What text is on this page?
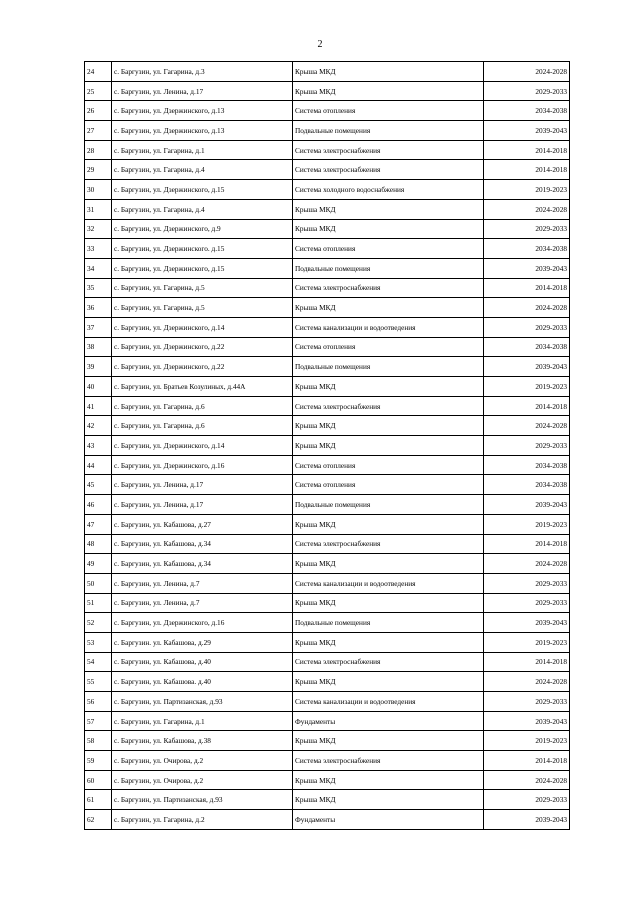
2
24	с. Баргузин, ул. Гагарина, д.3	Крыша МКД	2024-2028
25	с. Баргузин, ул. Ленина, д.17	Крыша МКД	2029-2033
26	с. Баргузин, ул. Дзержинского, д.13	Система отопления	2034-2038
27	с. Баргузин, ул. Дзержинского, д.13	Подвальные помещения	2039-2043
28	с. Баргузин, ул. Гагарина, д.1	Система электроснабжения	2014-2018
29	с. Баргузин, ул. Гагарина, д.4	Система электроснабжения	2014-2018
30	с. Баргузин, ул. Дзержинского, д.15	Система холодного водоснабжения	2019-2023
31	с. Баргузин, ул. Гагарина, д.4	Крыша МКД	2024-2028
32	с. Баргузин, ул. Дзержинского, д.9	Крыша МКД	2029-2033
33	с. Баргузин, ул. Дзержинского. д.15	Система отопления	2034-2038
34	с. Баргузин, ул. Дзержинского, д.15	Подвальные помещения	2039-2043
35	с. Баргузин, ул. Гагарина, д.5	Система электроснабжения	2014-2018
36	с. Баргузин, ул. Гагарина, д.5	Крыша МКД	2024-2028
37	с. Баргузин, ул. Дзержинского, д.14	Система канализации и водоотведения	2029-2033
38	с. Баргузин, ул. Дзержинского, д.22	Система отопления	2034-2038
39	с. Баргузин, ул. Дзержинского, д.22	Подвальные помещения	2039-2043
40	с. Баргузин, ул. Братьев Козулиных, д.44А	Крыша МКД	2019-2023
41	с. Баргузин, ул. Гагарина, д.6	Система электроснабжения	2014-2018
42	с. Баргузин, ул. Гагарина, д.6	Крыша МКД	2024-2028
43	с. Баргузин, ул. Дзержинского, д.14	Крыша МКД	2029-2033
44	с. Баргузин, ул. Дзержинского, д.16	Система отопления	2034-2038
45	с. Баргузин, ул. Ленина, д.17	Система отопления	2034-2038
46	с. Баргузин, ул. Ленина, д.17	Подвальные помещения	2039-2043
47	с. Баргузин, ул. Кабашова, д.27	Крыша МКД	2019-2023
48	с. Баргузин, ул. Кабашова, д.34	Система электроснабжения	2014-2018
49	с. Баргузин, ул. Кабашова, д.34	Крыша МКД	2024-2028
50	с. Баргузин, ул. Ленина, д.7	Система канализации и водоотведения	2029-2033
51	с. Баргузин, ул. Ленина, д.7	Крыша МКД	2029-2033
52	с. Баргузин, ул. Дзержинского, д.16	Подвальные помещения	2039-2043
53	с. Баргузин. ул. Кабашова, д.29	Крыша МКД	2019-2023
54	с. Баргузин, ул. Кабашова, д.40	Система электроснабжения	2014-2018
55	с. Баргузин, ул. Кабашова. д.40	Крыша МКД	2024-2028
56	с. Баргузин, ул. Партизанская, д.93	Система канализации и водоотведения	2029-2033
57	с. Баргузин, ул. Гагарина, д.1	Фундаменты	2039-2043
58	с. Баргузин, ул. Кабашова, д.38	Крыша МКД	2019-2023
59	с. Баргузин, ул. Очирова, д.2	Система электроснабжения	2014-2018
60	с. Баргузин, ул. Очирова, д.2	Крыша МКД	2024-2028
61	с. Баргузин, ул. Партизанская, д.93	Крыша МКД	2029-2033
62	с. Баргузин, ул. Гагарина, д.2	Фундаменты	2039-2043
